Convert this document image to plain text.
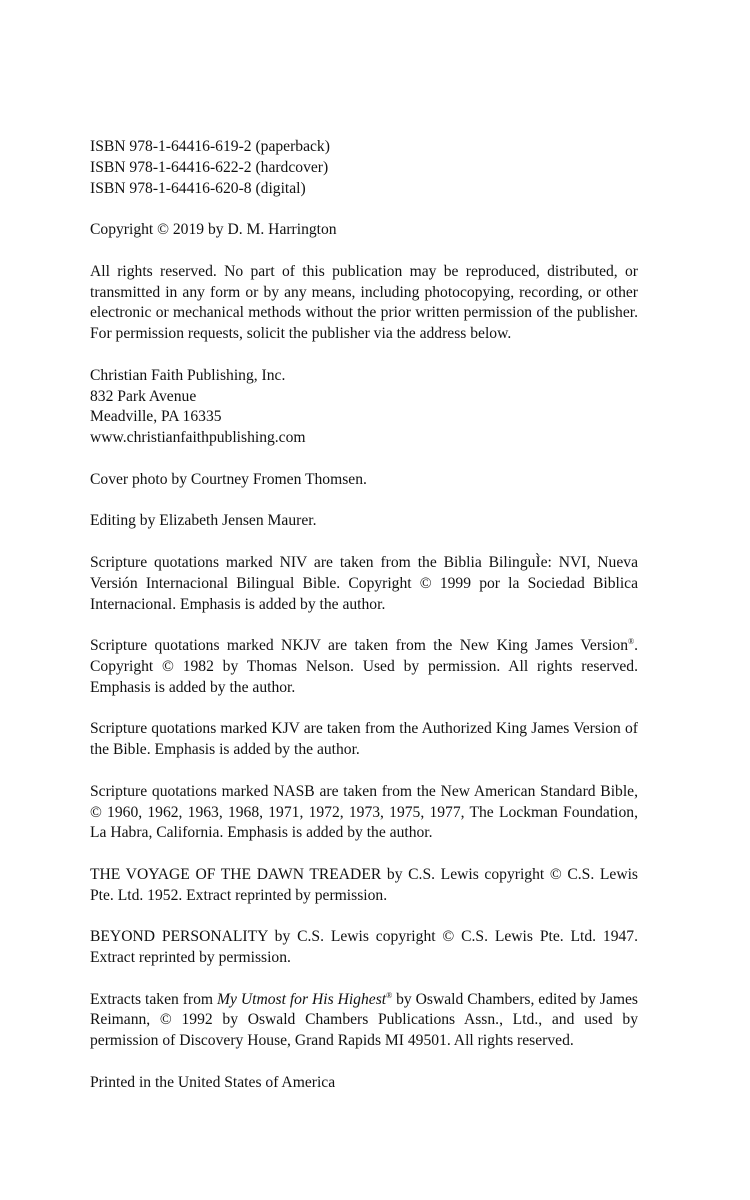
ISBN 978-1-64416-619-2 (paperback)
ISBN 978-1-64416-622-2 (hardcover)
ISBN 978-1-64416-620-8 (digital)

Copyright © 2019 by D. M. Harrington

All rights reserved. No part of this publication may be reproduced, distributed, or transmitted in any form or by any means, including photocopying, recording, or other electronic or mechanical methods without the prior written permission of the publisher. For permission requests, solicit the publisher via the address below.

Christian Faith Publishing, Inc.
832 Park Avenue
Meadville, PA 16335
www.christianfaithpublishing.com

Cover photo by Courtney Fromen Thomsen.

Editing by Elizabeth Jensen Maurer.

Scripture quotations marked NIV are taken from the Biblia BilinguÌe: NVI, Nueva Versión Internacional Bilingual Bible. Copyright © 1999 por la Sociedad Biblica Internacional. Emphasis is added by the author.

Scripture quotations marked NKJV are taken from the New King James Version®. Copyright © 1982 by Thomas Nelson. Used by permission. All rights reserved. Emphasis is added by the author.

Scripture quotations marked KJV are taken from the Authorized King James Version of the Bible. Emphasis is added by the author.

Scripture quotations marked NASB are taken from the New American Standard Bible, © 1960, 1962, 1963, 1968, 1971, 1972, 1973, 1975, 1977, The Lockman Foundation, La Habra, California. Emphasis is added by the author.

THE VOYAGE OF THE DAWN TREADER by C.S. Lewis copyright © C.S. Lewis Pte. Ltd. 1952. Extract reprinted by permission.

BEYOND PERSONALITY by C.S. Lewis copyright © C.S. Lewis Pte. Ltd. 1947. Extract reprinted by permission.

Extracts taken from My Utmost for His Highest® by Oswald Chambers, edited by James Reimann, © 1992 by Oswald Chambers Publications Assn., Ltd., and used by permission of Discovery House, Grand Rapids MI 49501. All rights reserved.

Printed in the United States of America
